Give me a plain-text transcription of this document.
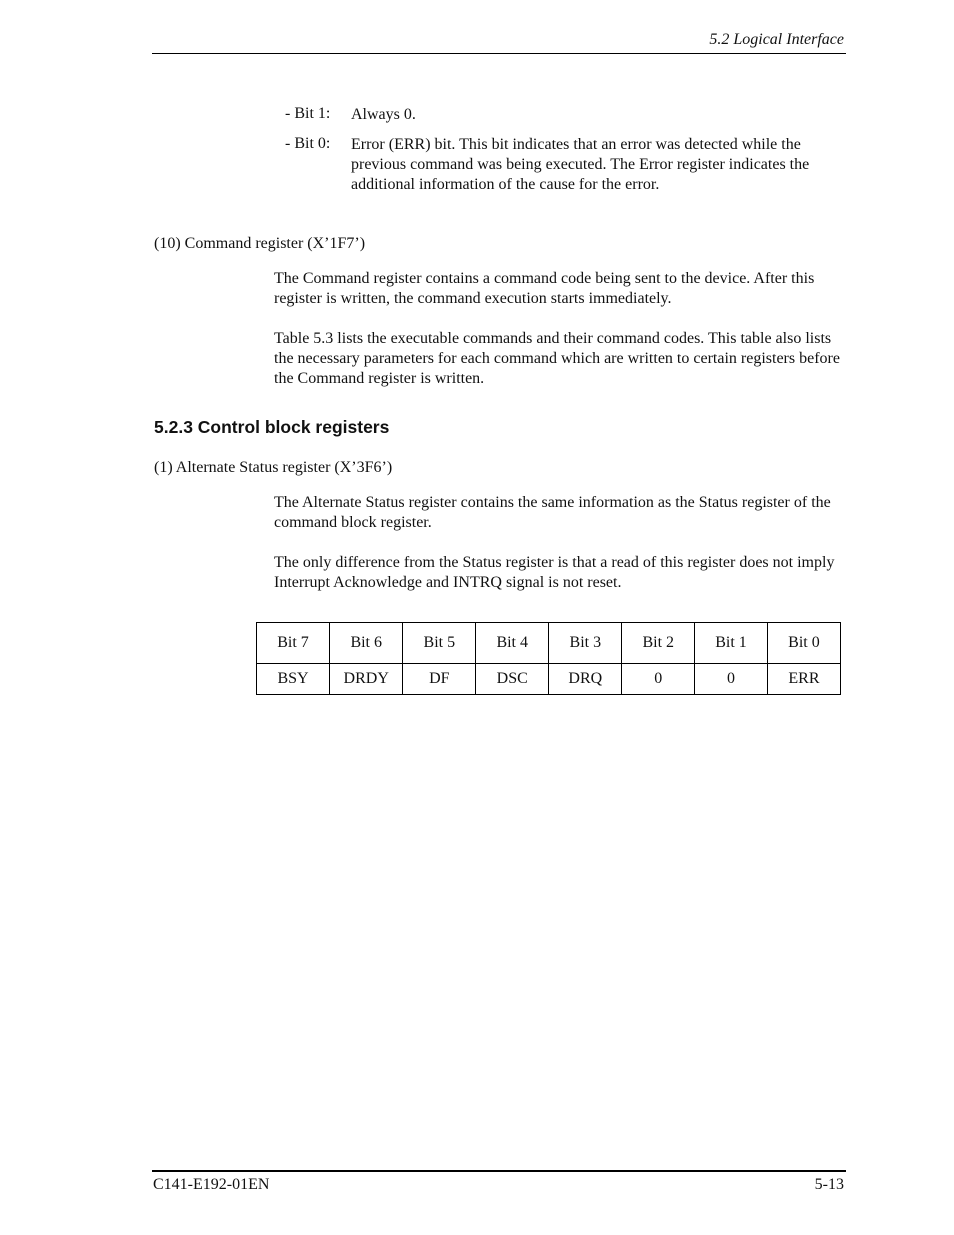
5.2 Logical Interface
- Bit 1: Always 0.
- Bit 0: Error (ERR) bit. This bit indicates that an error was detected while the previous command was being executed. The Error register indicates the additional information of the cause for the error.
(10) Command register (X’1F7’)
The Command register contains a command code being sent to the device. After this register is written, the command execution starts immediately.
Table 5.3 lists the executable commands and their command codes. This table also lists the necessary parameters for each command which are written to certain registers before the Command register is written.
5.2.3 Control block registers
(1) Alternate Status register (X’3F6’)
The Alternate Status register contains the same information as the Status register of the command block register.
The only difference from the Status register is that a read of this register does not imply Interrupt Acknowledge and INTRQ signal is not reset.
Bit 7	Bit 6	Bit 5	Bit 4	Bit 3	Bit 2	Bit 1	Bit 0
BSY	DRDY	DF	DSC	DRQ	0	0	ERR
C141-E192-01EN	5-13
